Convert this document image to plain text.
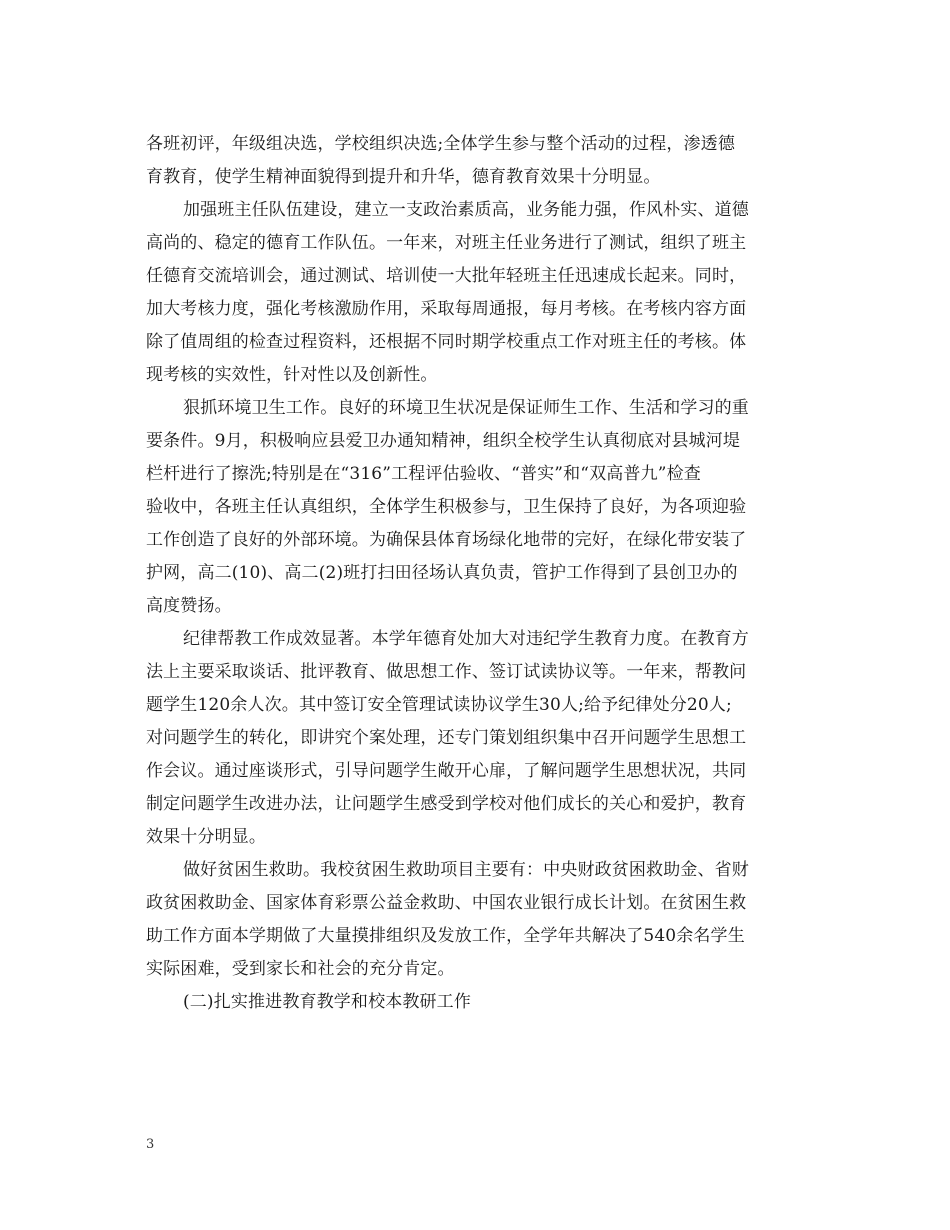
各班初评，年级组决选，学校组织决选;全体学生参与整个活动的过程，渗透德
育教育，使学生精神面貌得到提升和升华，德育教育效果十分明显。
加强班主任队伍建设，建立一支政治素质高，业务能力强，作风朴实、道德
高尚的、稳定的德育工作队伍。一年来，对班主任业务进行了测试，组织了班主
任德育交流培训会，通过测试、培训使一大批年轻班主任迅速成长起来。同时，
加大考核力度，强化考核激励作用，采取每周通报，每月考核。在考核内容方面
除了值周组的检查过程资料，还根据不同时期学校重点工作对班主任的考核。体
现考核的实效性，针对性以及创新性。
狠抓环境卫生工作。良好的环境卫生状况是保证师生工作、生活和学习的重
要条件。9月，积极响应县爱卫办通知精神，组织全校学生认真彻底对县城河堤
栏杆进行了擦洗;特别是在“316”工程评估验收、“普实”和“双高普九”检查
验收中，各班主任认真组织，全体学生积极参与，卫生保持了良好，为各项迎验
工作创造了良好的外部环境。为确保县体育场绿化地带的完好，在绿化带安装了
护网，高二(10)、高二(2)班打扫田径场认真负责，管护工作得到了县创卫办的
高度赞扬。
纪律帮教工作成效显著。本学年德育处加大对违纪学生教育力度。在教育方
法上主要采取谈话、批评教育、做思想工作、签订试读协议等。一年来，帮教问
题学生120余人次。其中签订安全管理试读协议学生30人;给予纪律处分20人;
对问题学生的转化，即讲究个案处理，还专门策划组织集中召开问题学生思想工
作会议。通过座谈形式，引导问题学生敞开心扉，了解问题学生思想状况，共同
制定问题学生改进办法，让问题学生感受到学校对他们成长的关心和爱护，教育
效果十分明显。
做好贫困生救助。我校贫困生救助项目主要有：中央财政贫困救助金、省财
政贫困救助金、国家体育彩票公益金救助、中国农业银行成长计划。在贫困生救
助工作方面本学期做了大量摸排组织及发放工作，全学年共解决了540余名学生
实际困难，受到家长和社会的充分肯定。
(二)扎实推进教育教学和校本教研工作
3
